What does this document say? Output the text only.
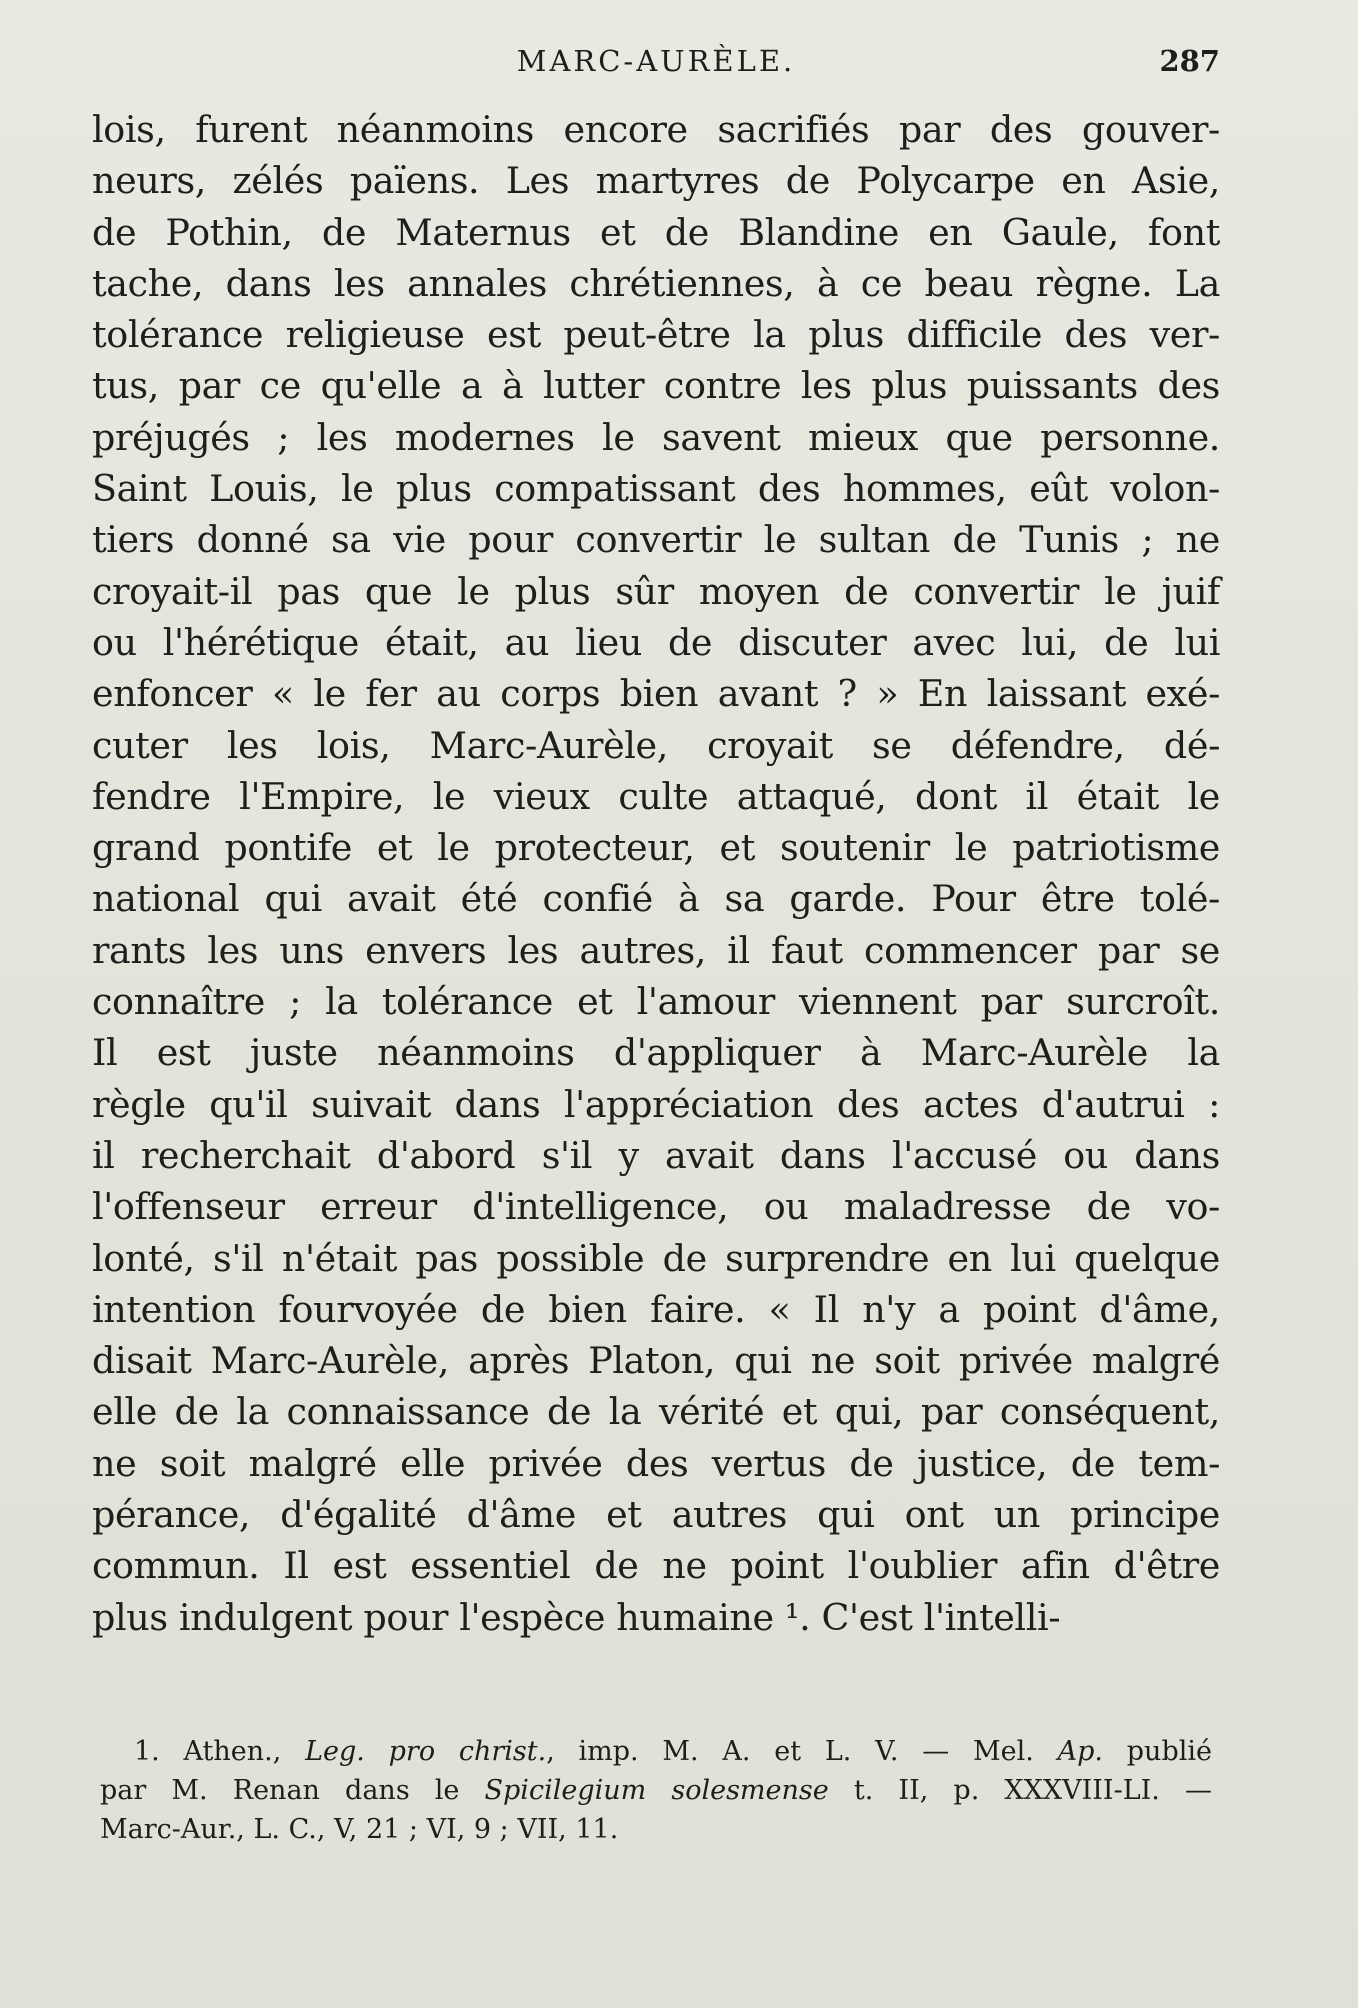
MARC-AURÈLE.	287
lois, furent néanmoins encore sacrifiés par des gouver-
neurs, zélés païens. Les martyres de Polycarpe en Asie,
de Pothin, de Maternus et de Blandine en Gaule, font
tache, dans les annales chrétiennes, à ce beau règne. La
tolérance religieuse est peut-être la plus difficile des ver-
tus, par ce qu'elle a à lutter contre les plus puissants des
préjugés ; les modernes le savent mieux que personne.
Saint Louis, le plus compatissant des hommes, eût volon-
tiers donné sa vie pour convertir le sultan de Tunis ; ne
croyait-il pas que le plus sûr moyen de convertir le juif
ou l'hérétique était, au lieu de discuter avec lui, de lui
enfoncer « le fer au corps bien avant ? » En laissant exé-
cuter les lois, Marc-Aurèle, croyait se défendre, dé-
fendre l'Empire, le vieux culte attaqué, dont il était le
grand pontife et le protecteur, et soutenir le patriotisme
national qui avait été confié à sa garde. Pour être tolé-
rants les uns envers les autres, il faut commencer par se
connaître ; la tolérance et l'amour viennent par surcroît.
Il est juste néanmoins d'appliquer à Marc-Aurèle la
règle qu'il suivait dans l'appréciation des actes d'autrui :
il recherchait d'abord s'il y avait dans l'accusé ou dans
l'offenseur erreur d'intelligence, ou maladresse de vo-
lonté, s'il n'était pas possible de surprendre en lui quelque
intention fourvoyée de bien faire. « Il n'y a point d'âme,
disait Marc-Aurèle, après Platon, qui ne soit privée malgré
elle de la connaissance de la vérité et qui, par conséquent,
ne soit malgré elle privée des vertus de justice, de tem-
pérance, d'égalité d'âme et autres qui ont un principe
commun. Il est essentiel de ne point l'oublier afin d'être
plus indulgent pour l'espèce humaine ¹. C'est l'intelli-
1. Athen., Leg. pro christ., imp. M. A. et L. V. — Mel. Ap. publié
par M. Renan dans le Spicilegium solesmense t. II, p. XXXVIII-LI. —
Marc-Aur., L. C., V, 21 ; VI, 9 ; VII, 11.
